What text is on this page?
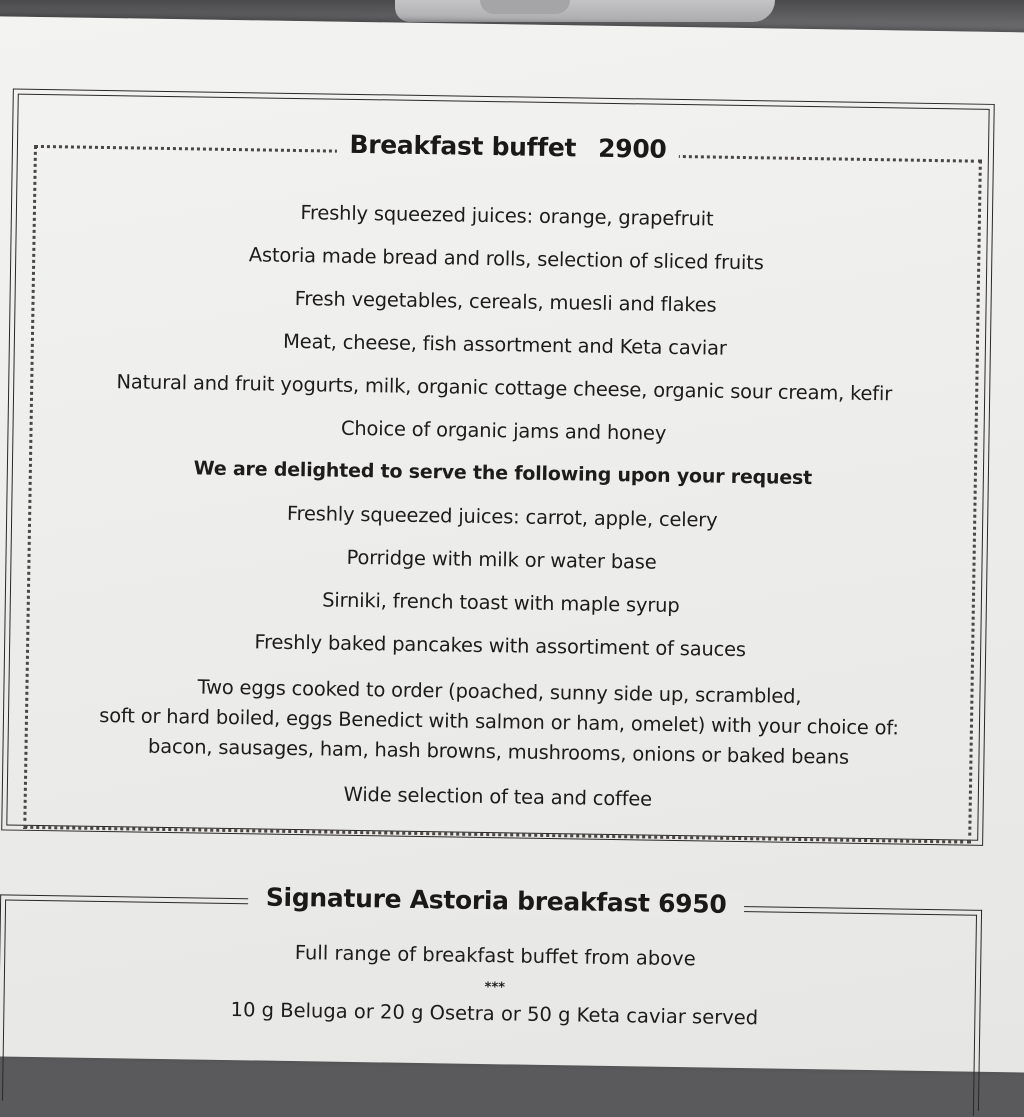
Breakfast buffet 2900
Freshly squeezed juices: orange, grapefruit
Astoria made bread and rolls, selection of sliced fruits
Fresh vegetables, cereals, muesli and flakes
Meat, cheese, fish assortment and Keta caviar
Natural and fruit yogurts, milk, organic cottage cheese, organic sour cream, kefir
Choice of organic jams and honey
We are delighted to serve the following upon your request
Freshly squeezed juices: carrot, apple, celery
Porridge with milk or water base
Sirniki, french toast with maple syrup
Freshly baked pancakes with assortiment of sauces
Two eggs cooked to order (poached, sunny side up, scrambled,
soft or hard boiled, eggs Benedict with salmon or ham, omelet) with your choice of:
bacon, sausages, ham, hash browns, mushrooms, onions or baked beans
Wide selection of tea and coffee
Signature Astoria breakfast 6950
Full range of breakfast buffet from above
***
10 g Beluga or 20 g Osetra or 50 g Keta caviar served
